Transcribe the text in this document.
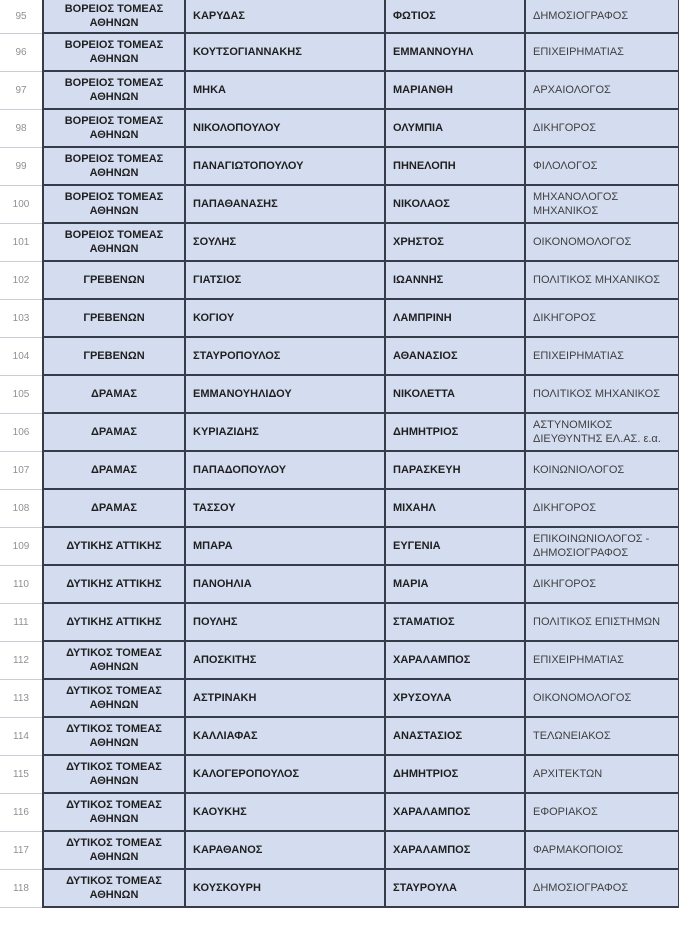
95	ΒΟΡΕΙΟΣ ΤΟΜΕΑΣ ΑΘΗΝΩΝ	ΚΑΡΥΔΑΣ	ΦΩΤΙΟΣ	ΔΗΜΟΣΙΟΓΡΑΦΟΣ
96	ΒΟΡΕΙΟΣ ΤΟΜΕΑΣ ΑΘΗΝΩΝ	ΚΟΥΤΣΟΓΙΑΝΝΑΚΗΣ	ΕΜΜΑΝΝΟΥΗΛ	ΕΠΙΧΕΙΡΗΜΑΤΙΑΣ
97	ΒΟΡΕΙΟΣ ΤΟΜΕΑΣ ΑΘΗΝΩΝ	ΜΗΚΑ	ΜΑΡΙΑΝΘΗ	ΑΡΧΑΙΟΛΟΓΟΣ
98	ΒΟΡΕΙΟΣ ΤΟΜΕΑΣ ΑΘΗΝΩΝ	ΝΙΚΟΛΟΠΟΥΛΟΥ	ΟΛΥΜΠΙΑ	ΔΙΚΗΓΟΡΟΣ
99	ΒΟΡΕΙΟΣ ΤΟΜΕΑΣ ΑΘΗΝΩΝ	ΠΑΝΑΓΙΩΤΟΠΟΥΛΟΥ	ΠΗΝΕΛΟΠΗ	ΦΙΛΟΛΟΓΟΣ
100	ΒΟΡΕΙΟΣ ΤΟΜΕΑΣ ΑΘΗΝΩΝ	ΠΑΠΑΘΑΝΑΣΗΣ	ΝΙΚΟΛΑΟΣ	ΜΗΧΑΝΟΛΟΓΟΣ ΜΗΧΑΝΙΚΟΣ
101	ΒΟΡΕΙΟΣ ΤΟΜΕΑΣ ΑΘΗΝΩΝ	ΣΟΥΛΗΣ	ΧΡΗΣΤΟΣ	ΟΙΚΟΝΟΜΟΛΟΓΟΣ
102	ΓΡΕΒΕΝΩΝ	ΓΙΑΤΣΙΟΣ	ΙΩΑΝΝΗΣ	ΠΟΛΙΤΙΚΟΣ ΜΗΧΑΝΙΚΟΣ
103	ΓΡΕΒΕΝΩΝ	ΚΟΓΙΟΥ	ΛΑΜΠΡΙΝΗ	ΔΙΚΗΓΟΡΟΣ
104	ΓΡΕΒΕΝΩΝ	ΣΤΑΥΡΟΠΟΥΛΟΣ	ΑΘΑΝΑΣΙΟΣ	ΕΠΙΧΕΙΡΗΜΑΤΙΑΣ
105	ΔΡΑΜΑΣ	ΕΜΜΑΝΟΥΗΛΙΔΟΥ	ΝΙΚΟΛΕΤΤΑ	ΠΟΛΙΤΙΚΟΣ ΜΗΧΑΝΙΚΟΣ
106	ΔΡΑΜΑΣ	ΚΥΡΙΑΖΙΔΗΣ	ΔΗΜΗΤΡΙΟΣ	ΑΣΤΥΝΟΜΙΚΟΣ ΔΙΕΥΘΥΝΤΗΣ ΕΛ.ΑΣ. ε.α.
107	ΔΡΑΜΑΣ	ΠΑΠΑΔΟΠΟΥΛΟΥ	ΠΑΡΑΣΚΕΥΗ	ΚΟΙΝΩΝΙΟΛΟΓΟΣ
108	ΔΡΑΜΑΣ	ΤΑΣΣΟΥ	ΜΙΧΑΗΛ	ΔΙΚΗΓΟΡΟΣ
109	ΔΥΤΙΚΗΣ ΑΤΤΙΚΗΣ	ΜΠΑΡΑ	ΕΥΓΕΝΙΑ	ΕΠΙΚΟΙΝΩΝΙΟΛΟΓΟΣ - ΔΗΜΟΣΙΟΓΡΑΦΟΣ
110	ΔΥΤΙΚΗΣ ΑΤΤΙΚΗΣ	ΠΑΝΟΗΛΙΑ	ΜΑΡΙΑ	ΔΙΚΗΓΟΡΟΣ
111	ΔΥΤΙΚΗΣ ΑΤΤΙΚΗΣ	ΠΟΥΛΗΣ	ΣΤΑΜΑΤΙΟΣ	ΠΟΛΙΤΙΚΟΣ ΕΠΙΣΤΗΜΩΝ
112	ΔΥΤΙΚΟΣ ΤΟΜΕΑΣ ΑΘΗΝΩΝ	ΑΠΟΣΚΙΤΗΣ	ΧΑΡΑΛΑΜΠΟΣ	ΕΠΙΧΕΙΡΗΜΑΤΙΑΣ
113	ΔΥΤΙΚΟΣ ΤΟΜΕΑΣ ΑΘΗΝΩΝ	ΑΣΤΡΙΝΑΚΗ	ΧΡΥΣΟΥΛΑ	ΟΙΚΟΝΟΜΟΛΟΓΟΣ
114	ΔΥΤΙΚΟΣ ΤΟΜΕΑΣ ΑΘΗΝΩΝ	ΚΑΛΛΙΑΦΑΣ	ΑΝΑΣΤΑΣΙΟΣ	ΤΕΛΩΝΕΙΑΚΟΣ
115	ΔΥΤΙΚΟΣ ΤΟΜΕΑΣ ΑΘΗΝΩΝ	ΚΑΛΟΓΕΡΟΠΟΥΛΟΣ	ΔΗΜΗΤΡΙΟΣ	ΑΡΧΙΤΕΚΤΩΝ
116	ΔΥΤΙΚΟΣ ΤΟΜΕΑΣ ΑΘΗΝΩΝ	ΚΑΟΥΚΗΣ	ΧΑΡΑΛΑΜΠΟΣ	ΕΦΟΡΙΑΚΟΣ
117	ΔΥΤΙΚΟΣ ΤΟΜΕΑΣ ΑΘΗΝΩΝ	ΚΑΡΑΘΑΝΟΣ	ΧΑΡΑΛΑΜΠΟΣ	ΦΑΡΜΑΚΟΠΟΙΟΣ
118	ΔΥΤΙΚΟΣ ΤΟΜΕΑΣ ΑΘΗΝΩΝ	ΚΟΥΣΚΟΥΡΗ	ΣΤΑΥΡΟΥΛΑ	ΔΗΜΟΣΙΟΓΡΑΦΟΣ
